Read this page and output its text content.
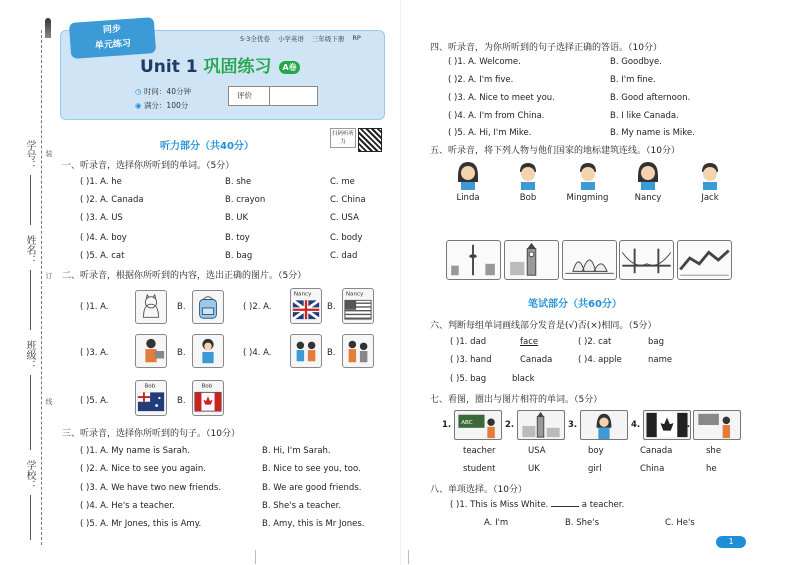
学号：
姓名：
班级：
学校：
装
订
线
同步
单元练习	5·3全优卷 小学英语 三年级下册 RP
Unit 1 巩固练习 A卷
◷ 时间：40分钟
◉ 满分：100分
评价
扫码听听力
听力部分（共40分）
一、听录音，选择你所听到的单词。（5分）
( )1. A. he	B. she	C. me
( )2. A. Canada	B. crayon	C. China
( )3. A. US	B. UK	C. USA
( )4. A. boy	B. toy	C. body
( )5. A. cat	B. bag	C. dad
二、听录音，根据你所听到的内容，选出正确的图片。（5分）
( )1. A.	B.	( )2. A.
Nancy
B.
Nancy
( )3. A.	B.	( )4. A.	B.
( )5. A.
Bob
B.
Bob
三、听录音，选择你所听到的句子。（10分）
( )1. A. My name is Sarah.	B. Hi, I'm Sarah.
( )2. A. Nice to see you again.	B. Nice to see you, too.
( )3. A. We have two new friends.	B. We are good friends.
( )4. A. He's a teacher.	B. She's a teacher.
( )5. A. Mr Jones, this is Amy.	B. Amy, this is Mr Jones.
四、听录音，为你所听到的句子选择正确的答语。（10分）
( )1. A. Welcome.	B. Goodbye.
( )2. A. I'm five.	B. I'm fine.
( )3. A. Nice to meet you.	B. Good afternoon.
( )4. A. I'm from China.	B. I like Canada.
( )5. A. Hi, I'm Mike.	B. My name is Mike.
五、听录音，将下列人物与他们国家的地标建筑连线。（10分）
Linda	Bob	Mingming	Nancy	Jack
笔试部分（共60分）
六、判断每组单词画线部分发音是(√)否(×)相同。（5分）
( )1. dad	face	( )2. cat	bag
( )3. hand	Canada	( )4. apple	name
( )5. bag	black
七、看图，圈出与图片相符的单词。（5分）
1. ABC	2.	3.	4.	5.
teacher	USA	boy	Canada	she
student	UK	girl	China	he
八、单项选择。（10分）
( )1. This is Miss White.	a teacher.
A. I'm	B. She's	C. He's
1
